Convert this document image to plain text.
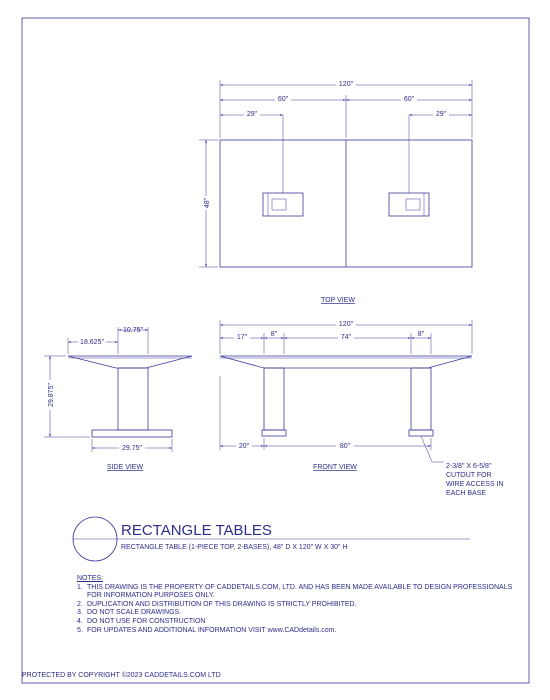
120"
60"	60"
29"	29"
48"
TOP VIEW
10.75"
18.625"
29.875"
29.75"
SIDE VIEW
120"
17"	8"	74"	8"
20"	80"
FRONT VIEW	2-3/8" X 6-5/8"
CUTOUT FOR
WIRE ACCESS IN
EACH BASE
RECTANGLE TABLES
RECTANGLE TABLE (1-PIECE TOP, 2-BASES), 48" D X 120" W X 30" H
NOTES:
1. THIS DRAWING IS THE PROPERTY OF CADDETAILS.COM, LTD. AND HAS BEEN MADE AVAILABLE TO DESIGN PROFESSIONALS FOR INFORMATION PURPOSES ONLY.
2. DUPLICATION AND DISTRIBUTION OF THIS DRAWING IS STRICTLY PROHIBITED.
3. DO NOT SCALE DRAWINGS.
4. DO NOT USE FOR CONSTRUCTION
5. FOR UPDATES AND ADDITIONAL INFORMATION VISIT www.CADdetails.com.
PROTECTED BY COPYRIGHT ©2023 CADDETAILS.COM LTD
